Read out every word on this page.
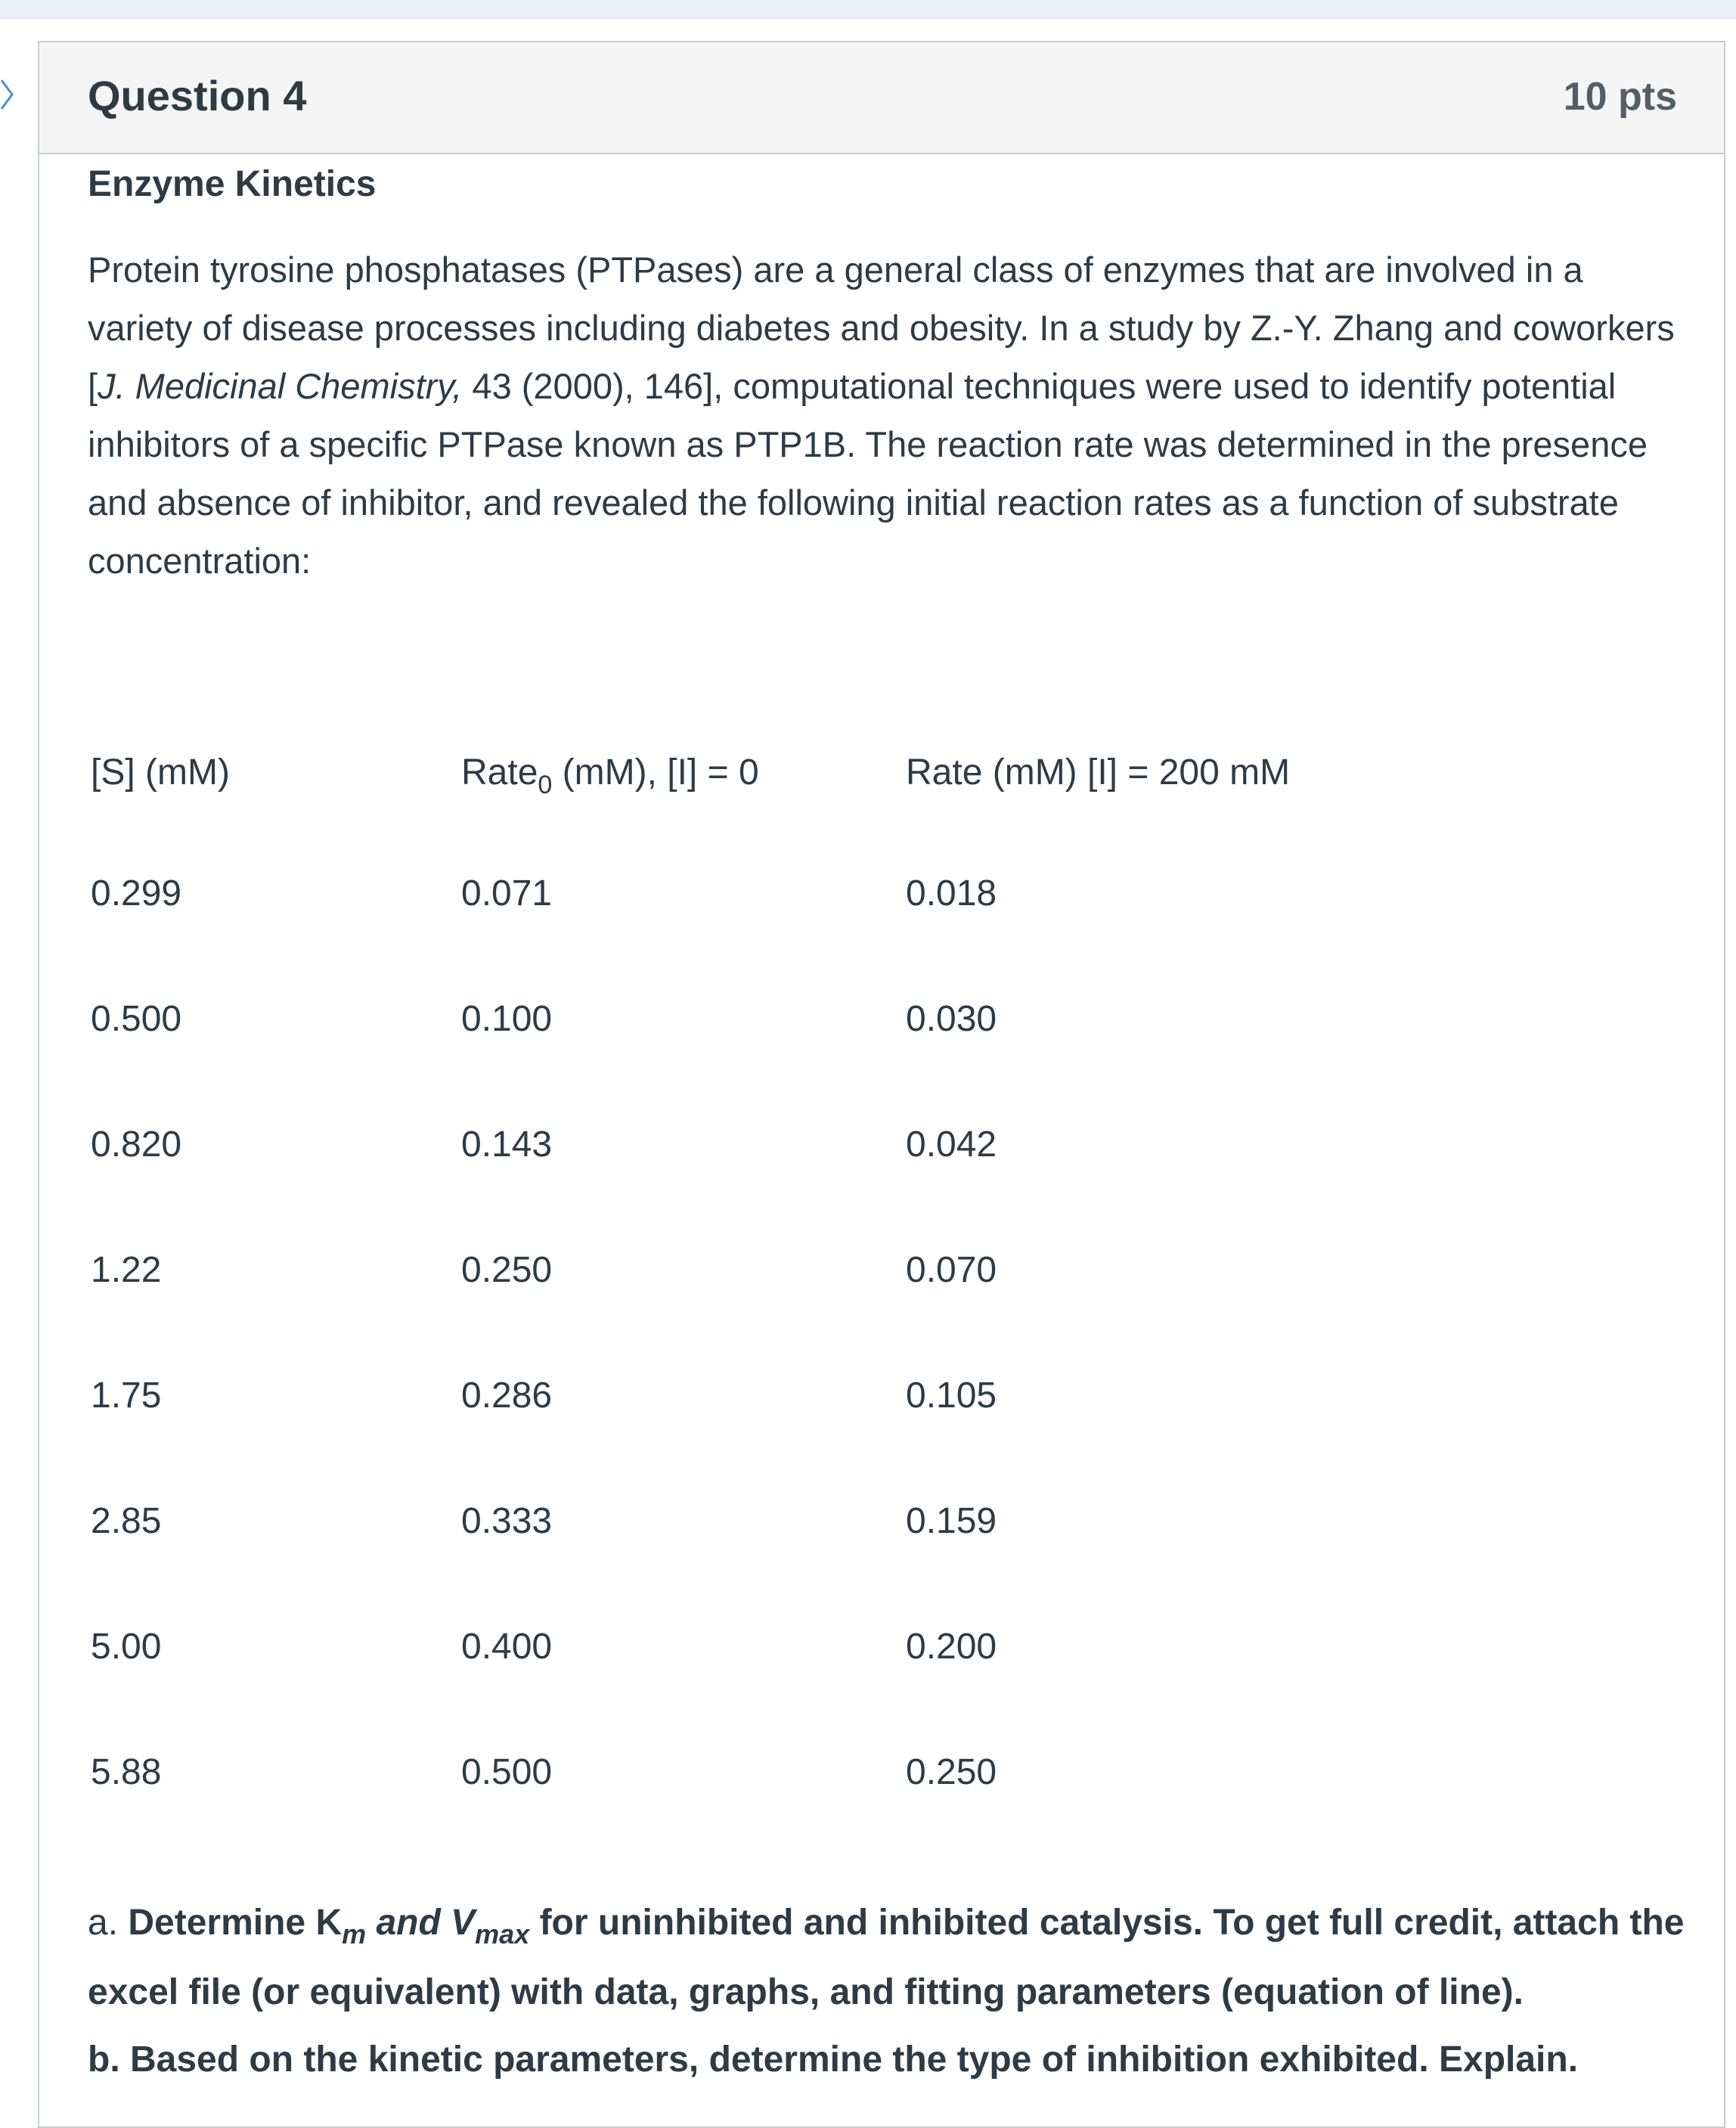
Question 4	10 pts
Enzyme Kinetics
Protein tyrosine phosphatases (PTPases) are a general class of enzymes that are involved in a variety of disease processes including diabetes and obesity. In a study by Z.-Y. Zhang and coworkers [J. Medicinal Chemistry, 43 (2000), 146], computational techniques were used to identify potential inhibitors of a specific PTPase known as PTP1B. The reaction rate was determined in the presence and absence of inhibitor, and revealed the following initial reaction rates as a function of substrate concentration:
[S] (mM)	Rate$_0$ (mM), [I] = 0	Rate (mM) [I] = 200 mM
0.299	0.071	0.018
0.500	0.100	0.030
0.820	0.143	0.042
1.22	0.250	0.070
1.75	0.286	0.105
2.85	0.333	0.159
5.00	0.400	0.200
5.88	0.500	0.250
a. Determine $K_m$ and $V_{max}$ for uninhibited and inhibited catalysis. To get full credit, attach the excel file (or equivalent) with data, graphs, and fitting parameters (equation of line).
b. Based on the kinetic parameters, determine the type of inhibition exhibited. Explain.
